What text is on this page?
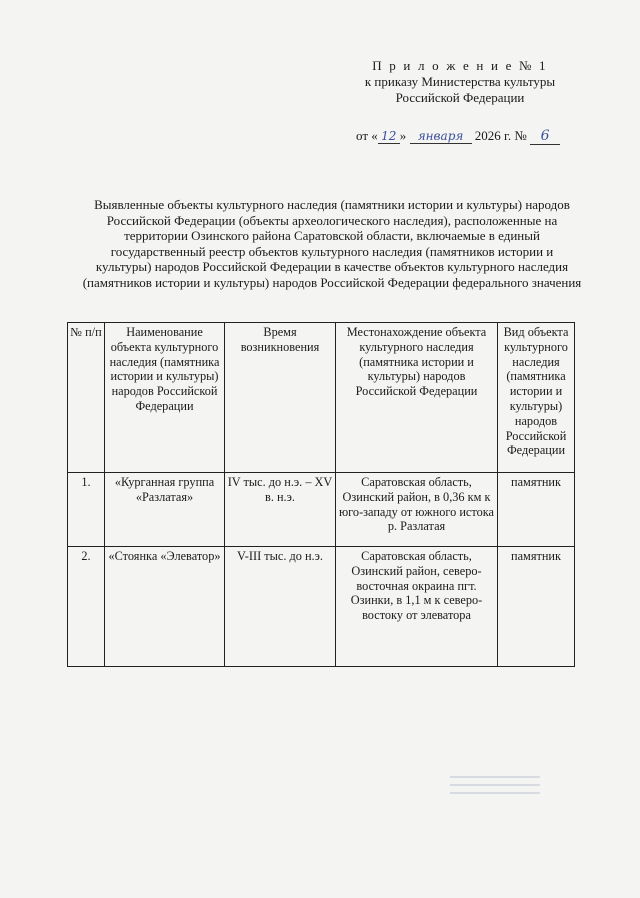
П р и л о ж е н и е № 1
к приказу Министерства культуры
Российской Федерации
от « 12 » января 2026 г. № 6
Выявленные объекты культурного наследия (памятники истории и культуры) народов Российской Федерации (объекты археологического наследия), расположенные на территории Озинского района Саратовской области, включаемые в единый государственный реестр объектов культурного наследия (памятников истории и культуры) народов Российской Федерации в качестве объектов культурного наследия (памятников истории и культуры) народов Российской Федерации федерального значения
№ п/п	Наименование объекта культурного наследия (памятника истории и культуры) народов Российской Федерации	Время возникновения	Местонахождение объекта культурного наследия (памятника истории и культуры) народов Российской Федерации	Вид объекта культурного наследия (памятника истории и культуры) народов Российской Федерации
1.	«Курганная группа «Разлатая»	IV тыс. до н.э. – XV в. н.э.	Саратовская область, Озинский район, в 0,36 км к юго-западу от южного истока р. Разлатая	памятник
2.	«Стоянка «Элеватор»	V-III тыс. до н.э.	Саратовская область, Озинский район, северо-восточная окраина пгт. Озинки, в 1,1 м к северо-востоку от элеватора	памятник
